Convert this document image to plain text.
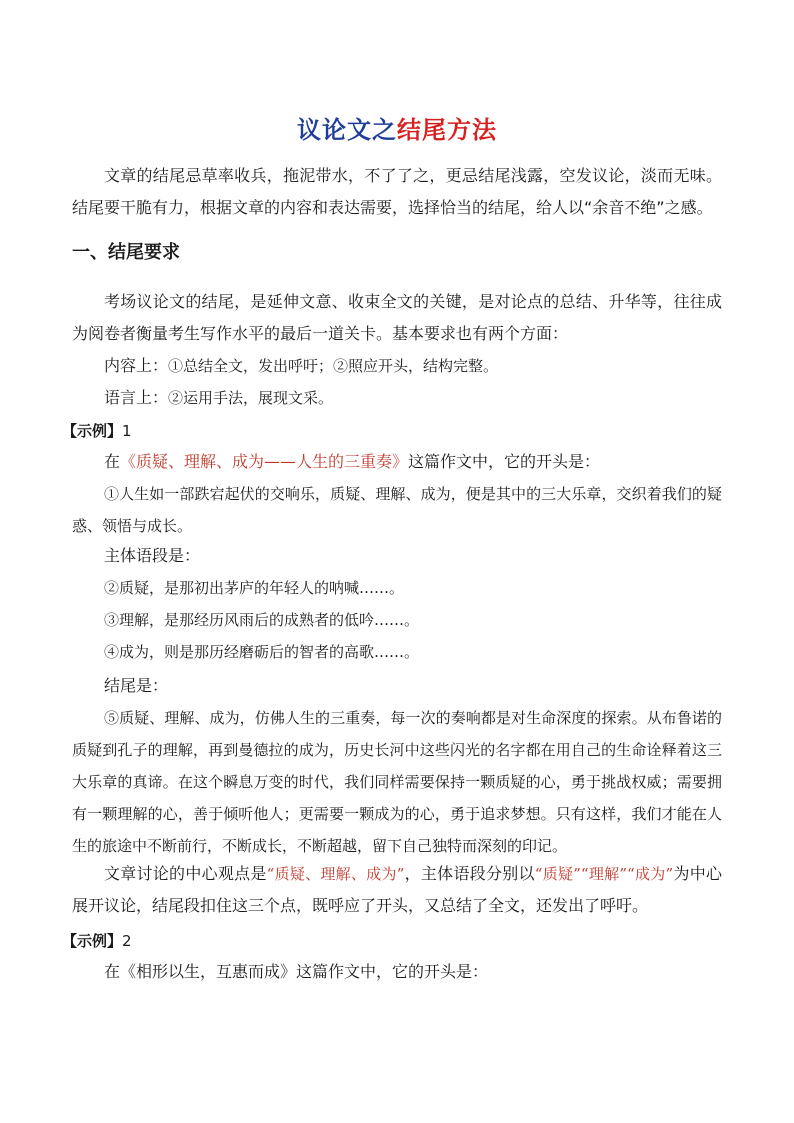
议论文之结尾方法

文章的结尾忌草率收兵，拖泥带水，不了了之，更忌结尾浅露，空发议论，淡而无味。结尾要干脆有力，根据文章的内容和表达需要，选择恰当的结尾，给人以“余音不绝”之感。

一、结尾要求

考场议论文的结尾，是延伸文意、收束全文的关键，是对论点的总结、升华等，往往成为阅卷者衡量考生写作水平的最后一道关卡。基本要求也有两个方面：

内容上：①总结全文，发出呼吁；②照应开头，结构完整。

语言上：②运用手法，展现文采。

【示例】1

在《质疑、理解、成为——人生的三重奏》这篇作文中，它的开头是：

①人生如一部跌宕起伏的交响乐，质疑、理解、成为，便是其中的三大乐章，交织着我们的疑惑、领悟与成长。

主体语段是：

②质疑，是那初出茅庐的年轻人的呐喊……。

③理解，是那经历风雨后的成熟者的低吟……。

④成为，则是那历经磨砺后的智者的高歌……。

结尾是：

⑤质疑、理解、成为，仿佛人生的三重奏，每一次的奏响都是对生命深度的探索。从布鲁诺的质疑到孔子的理解，再到曼德拉的成为，历史长河中这些闪光的名字都在用自己的生命诠释着这三大乐章的真谛。在这个瞬息万变的时代，我们同样需要保持一颗质疑的心，勇于挑战权威；需要拥有一颗理解的心，善于倾听他人；更需要一颗成为的心，勇于追求梦想。只有这样，我们才能在人生的旅途中不断前行，不断成长，不断超越，留下自己独特而深刻的印记。

文章讨论的中心观点是“质疑、理解、成为”，主体语段分别以“质疑”“理解”“成为”为中心展开议论，结尾段扣住这三个点，既呼应了开头，又总结了全文，还发出了呼吁。

【示例】2

在《相形以生，互惠而成》这篇作文中，它的开头是：
